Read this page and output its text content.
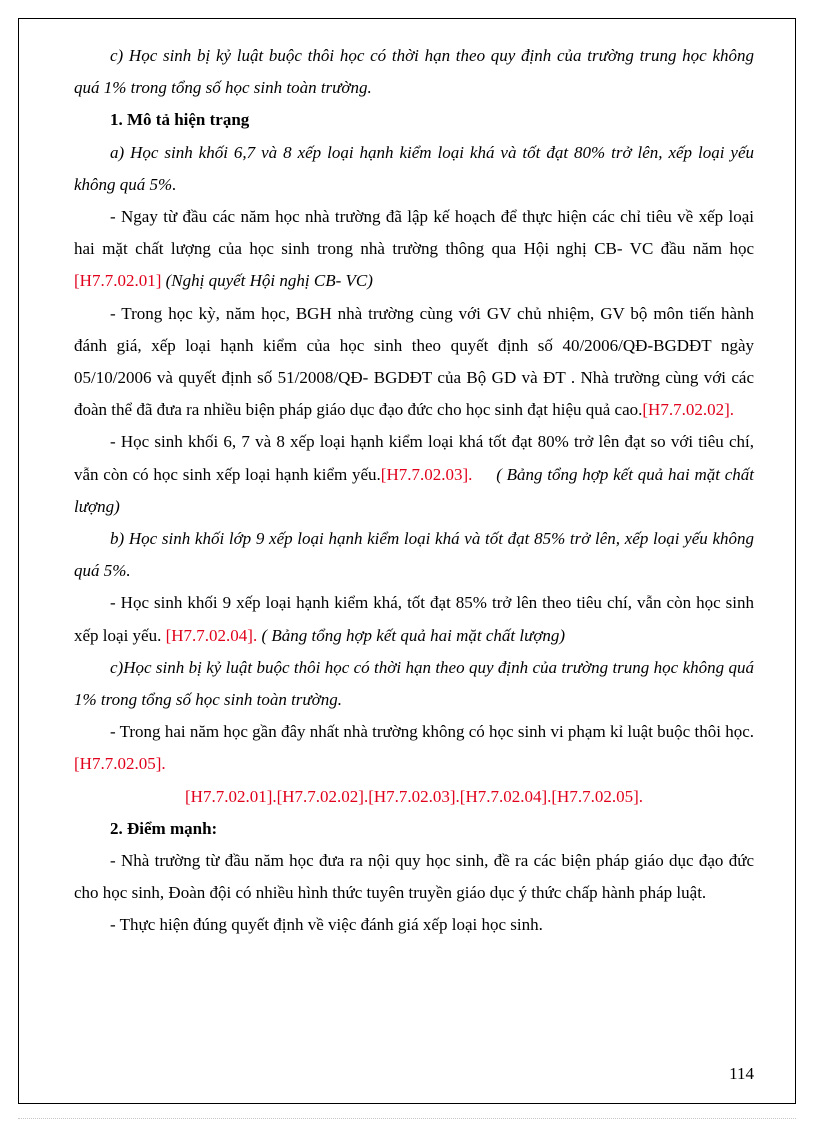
c) Học sinh bị kỷ luật buộc thôi học có thời hạn theo quy định của trường trung học không quá 1% trong tổng số học sinh toàn trường.

1. Mô tả hiện trạng

a) Học sinh khối 6,7 và 8 xếp loại hạnh kiểm loại khá và tốt đạt 80% trở lên, xếp loại yếu không quá 5%.

- Ngay từ đầu các năm học nhà trường đã lập kế hoạch để thực hiện các chỉ tiêu về xếp loại hai mặt chất lượng của học sinh trong nhà trường thông qua Hội nghị CB- VC đầu năm học [H7.7.02.01] (Nghị quyết Hội nghị CB- VC)

- Trong học kỳ, năm học, BGH nhà trường cùng với GV chủ nhiệm, GV bộ môn tiến hành đánh giá, xếp loại hạnh kiểm của học sinh theo quyết định số 40/2006/QĐ-BGDĐT ngày 05/10/2006 và quyết định số 51/2008/QĐ- BGDĐT của Bộ GD và ĐT . Nhà trường cùng với các đoàn thể đã đưa ra nhiều biện pháp giáo dục đạo đức cho học sinh đạt hiệu quả cao.[H7.7.02.02].

- Học sinh khối 6, 7 và 8 xếp loại hạnh kiểm loại khá tốt đạt 80% trở lên đạt so với tiêu chí, vẫn còn có học sinh xếp loại hạnh kiểm yếu.[H7.7.02.03].     ( Bảng tổng hợp kết quả hai mặt chất lượng)

b) Học sinh khối lớp 9 xếp loại hạnh kiểm loại khá và tốt đạt 85% trở lên, xếp loại yếu không quá 5%.

- Học sinh khối 9 xếp loại hạnh kiểm khá, tốt đạt 85% trở lên theo tiêu chí, vẫn còn học sinh xếp loại yếu. [H7.7.02.04]. ( Bảng tổng hợp kết quả hai mặt chất lượng)

c)Học sinh bị kỷ luật buộc thôi học có thời hạn theo quy định của trường trung học không quá 1% trong tổng số học sinh toàn trường.

- Trong hai năm học gần đây nhất nhà trường không có học sinh vi phạm kỉ luật buộc thôi học.[H7.7.02.05].

[H7.7.02.01].[H7.7.02.02].[H7.7.02.03].[H7.7.02.04].[H7.7.02.05].

2. Điểm mạnh:

- Nhà trường từ đầu năm học đưa ra nội quy học sinh, đề ra các biện pháp giáo dục đạo đức cho học sinh, Đoàn đội có nhiều hình thức tuyên truyền giáo dục ý thức chấp hành pháp luật.

- Thực hiện đúng quyết định về việc đánh giá xếp loại học sinh.

114
